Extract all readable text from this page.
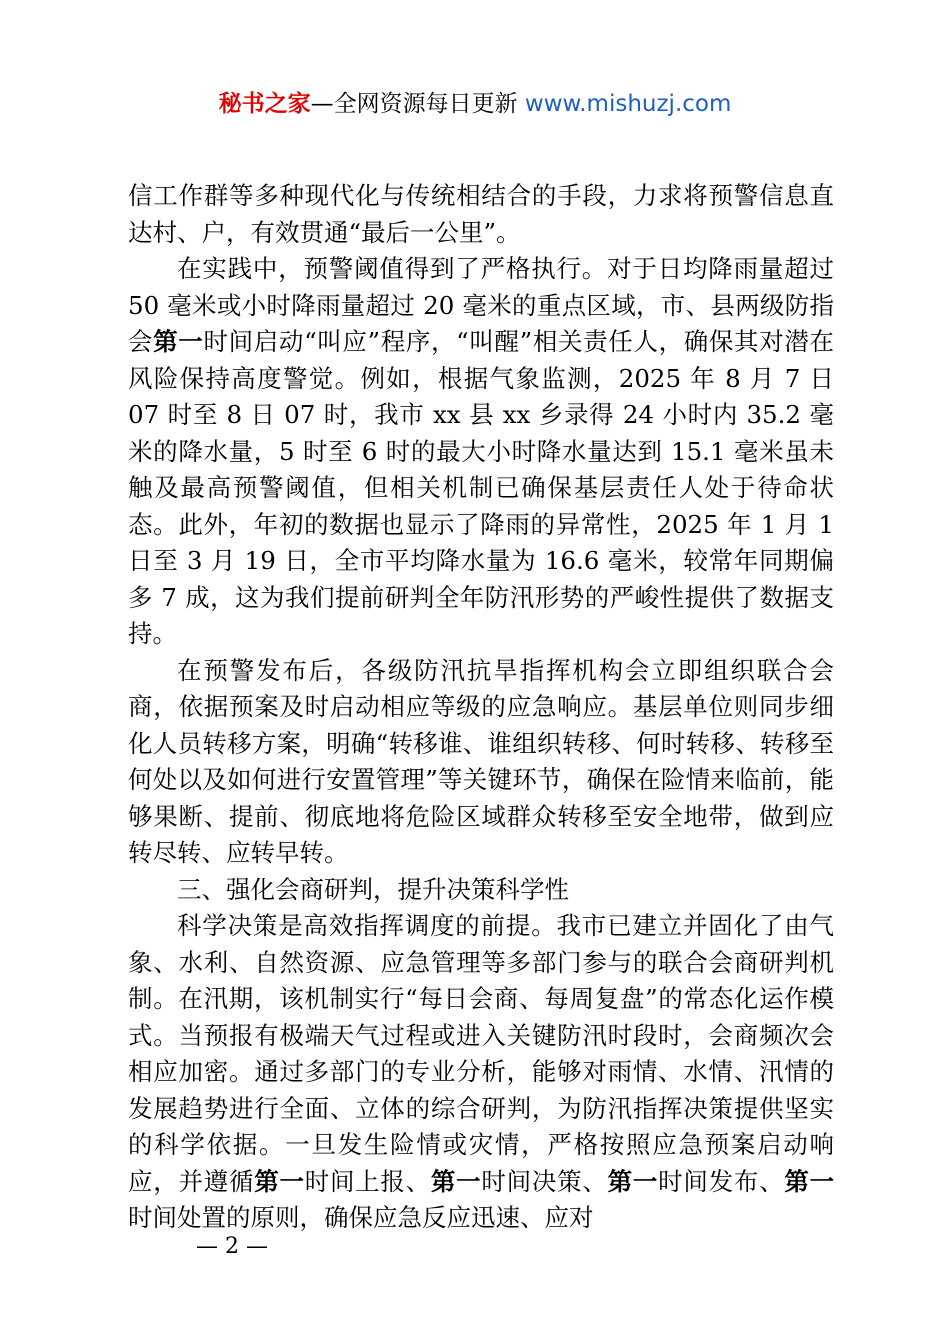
秘书之家—全网资源每日更新 www.mishuzj.com

信工作群等多种现代化与传统相结合的手段，力求将预警信息直达村、户，有效贯通“最后一公里”。

在实践中，预警阈值得到了严格执行。对于日均降雨量超过 50 毫米或小时降雨量超过 20 毫米的重点区域，市、县两级防指会第一时间启动“叫应”程序，“叫醒”相关责任人，确保其对潜在风险保持高度警觉。例如，根据气象监测，2025 年 8 月 7 日 07 时至 8 日 07 时，我市 xx 县 xx 乡录得 24 小时内 35.2 毫米的降水量，5 时至 6 时的最大小时降水量达到 15.1 毫米虽未触及最高预警阈值，但相关机制已确保基层责任人处于待命状态。此外，年初的数据也显示了降雨的异常性，2025 年 1 月 1 日至 3 月 19 日，全市平均降水量为 16.6 毫米，较常年同期偏多 7 成，这为我们提前研判全年防汛形势的严峻性提供了数据支持。

在预警发布后，各级防汛抗旱指挥机构会立即组织联合会商，依据预案及时启动相应等级的应急响应。基层单位则同步细化人员转移方案，明确“转移谁、谁组织转移、何时转移、转移至何处以及如何进行安置管理”等关键环节，确保在险情来临前，能够果断、提前、彻底地将危险区域群众转移至安全地带，做到应转尽转、应转早转。

三、强化会商研判，提升决策科学性

科学决策是高效指挥调度的前提。我市已建立并固化了由气象、水利、自然资源、应急管理等多部门参与的联合会商研判机制。在汛期，该机制实行“每日会商、每周复盘”的常态化运作模式。当预报有极端天气过程或进入关键防汛时段时，会商频次会相应加密。通过多部门的专业分析，能够对雨情、水情、汛情的发展趋势进行全面、立体的综合研判，为防汛指挥决策提供坚实的科学依据。一旦发生险情或灾情，严格按照应急预案启动响应，并遵循第一时间上报、第一时间决策、第一时间发布、第一时间处置的原则，确保应急反应迅速、应对

— 2 —
